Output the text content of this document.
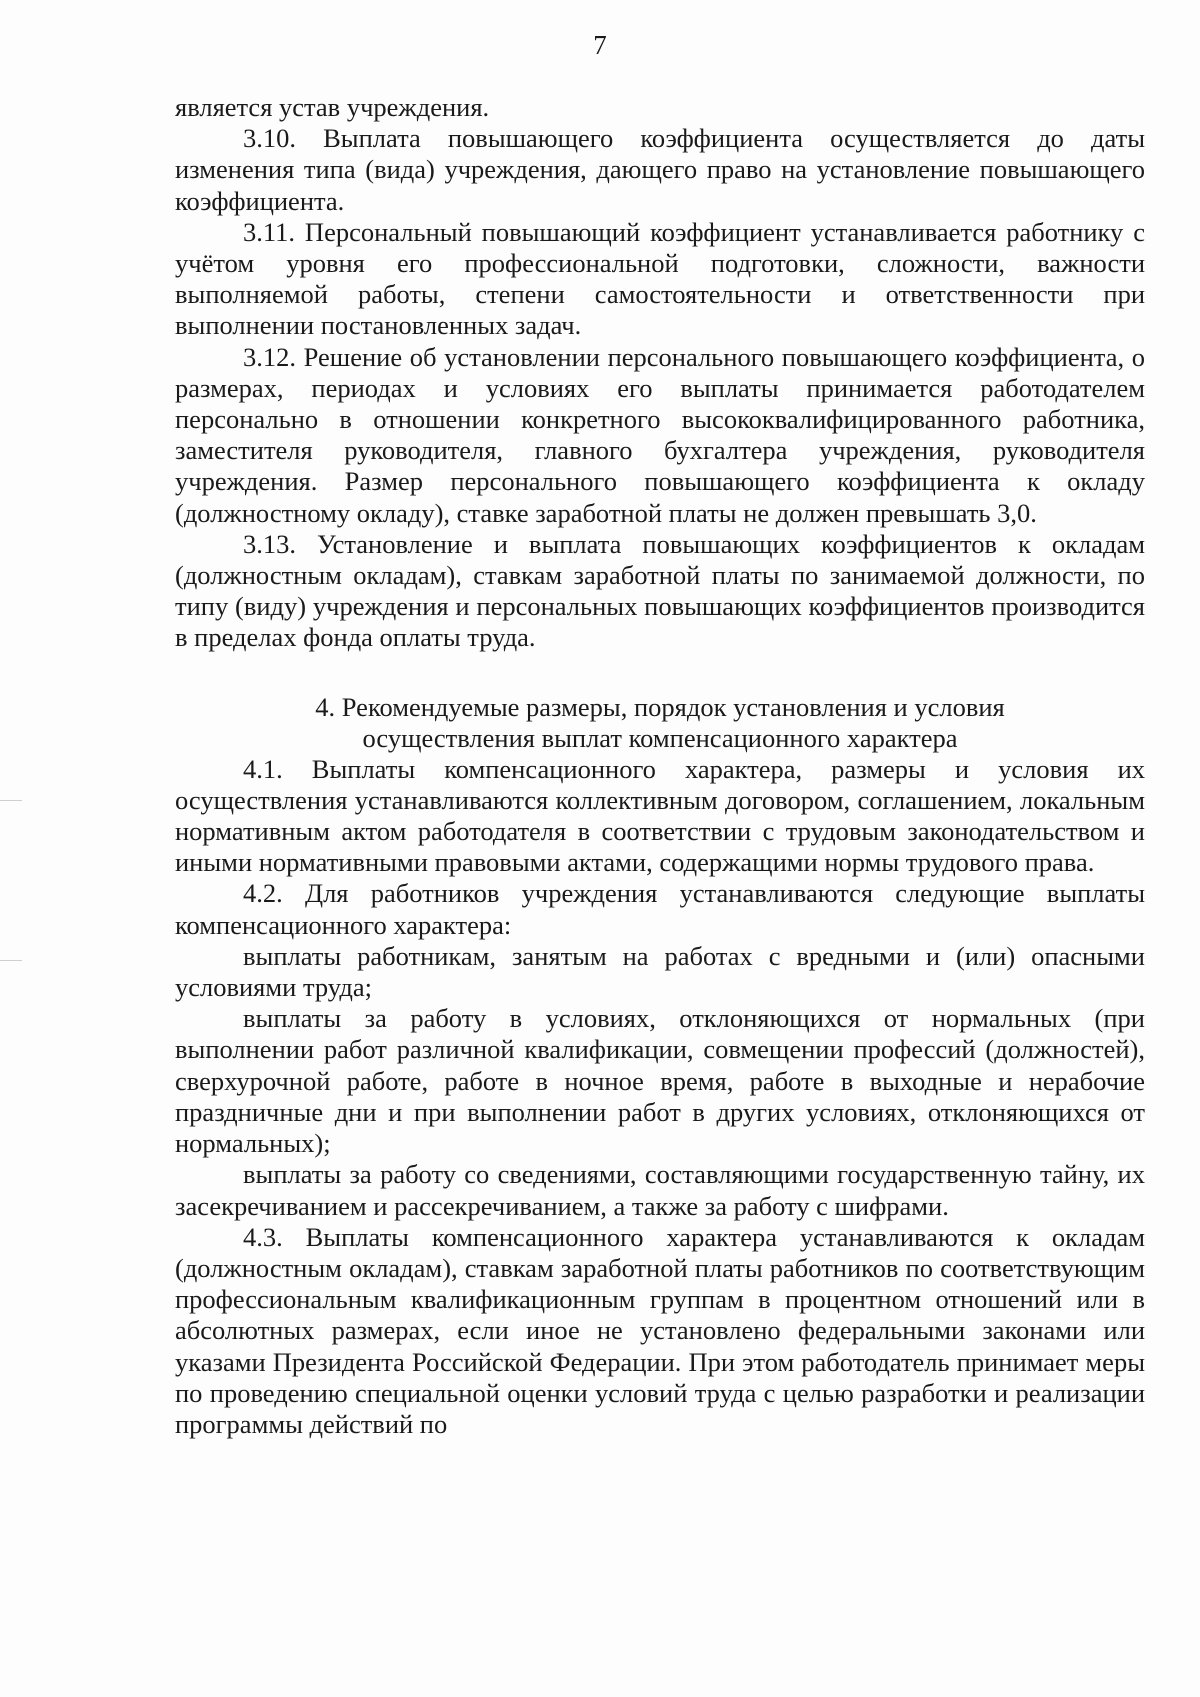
7

является устав учреждения.

3.10. Выплата повышающего коэффициента осуществляется до даты изменения типа (вида) учреждения, дающего право на установление повышающего коэффициента.

3.11. Персональный повышающий коэффициент устанавливается работнику с учётом уровня его профессиональной подготовки, сложности, важности выполняемой работы, степени самостоятельности и ответственности при выполнении постановленных задач.

3.12. Решение об установлении персонального повышающего коэффициента, о размерах, периодах и условиях его выплаты принимается работодателем персонально в отношении конкретного высококвалифицированного работника, заместителя руководителя, главного бухгалтера учреждения, руководителя учреждения. Размер персонального повышающего коэффициента к окладу (должностному окладу), ставке заработной платы не должен превышать 3,0.

3.13. Установление и выплата повышающих коэффициентов к окладам (должностным окладам), ставкам заработной платы по занимаемой должности, по типу (виду) учреждения и персональных повышающих коэффициентов производится в пределах фонда оплаты труда.

4. Рекомендуемые размеры, порядок установления и условия
осуществления выплат компенсационного характера

4.1. Выплаты компенсационного характера, размеры и условия их осуществления устанавливаются коллективным договором, соглашением, локальным нормативным актом работодателя в соответствии с трудовым законодательством и иными нормативными правовыми актами, содержащими нормы трудового права.

4.2. Для работников учреждения устанавливаются следующие выплаты компенсационного характера:

выплаты работникам, занятым на работах с вредными и (или) опасными условиями труда;

выплаты за работу в условиях, отклоняющихся от нормальных (при выполнении работ различной квалификации, совмещении профессий (должностей), сверхурочной работе, работе в ночное время, работе в выходные и нерабочие праздничные дни и при выполнении работ в других условиях, отклоняющихся от нормальных);

выплаты за работу со сведениями, составляющими государственную тайну, их засекречиванием и рассекречиванием, а также за работу с шифрами.

4.3. Выплаты компенсационного характера устанавливаются к окладам (должностным окладам), ставкам заработной платы работников по соответствующим профессиональным квалификационным группам в процентном отношений или в абсолютных размерах, если иное не установлено федеральными законами или указами Президента Российской Федерации. При этом работодатель принимает меры по проведению специальной оценки условий труда с целью разработки и реализации программы действий по
